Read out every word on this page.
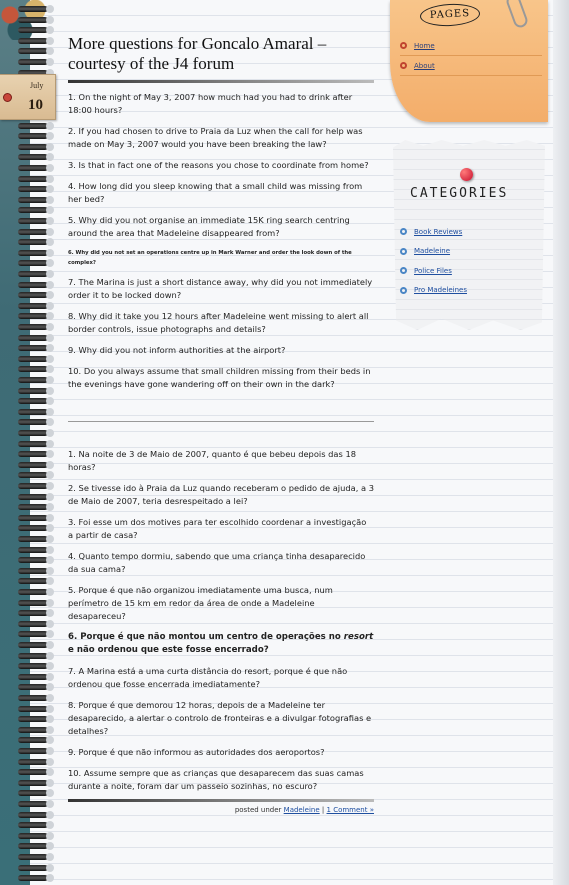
July
10
More questions for Goncalo Amaral – courtesy of the J4 forum

1. On the night of May 3, 2007 how much had you had to drink after 18:00 hours?

2. If you had chosen to drive to Praia da Luz when the call for help was made on May 3, 2007 would you have been breaking the law?

3. Is that in fact one of the reasons you chose to coordinate from home?

4. How long did you sleep knowing that a small child was missing from her bed?

5. Why did you not organise an immediate 15K ring search centring around the area that Madeleine disappeared from?

6. Why did you not set an operations centre up in Mark Warner and order the look down of the complex?

7. The Marina is just a short distance away, why did you not immediately order it to be locked down?

8. Why did it take you 12 hours after Madeleine went missing to alert all border controls, issue photographs and details?

9. Why did you not inform authorities at the airport?

10. Do you always assume that small children missing from their beds in the evenings have gone wandering off on their own in the dark?

1. Na noite de 3 de Maio de 2007, quanto é que bebeu depois das 18 horas?

2. Se tivesse ido à Praia da Luz quando receberam o pedido de ajuda, a 3 de Maio de 2007, teria desrespeitado a lei?

3. Foi esse um dos motives para ter escolhido coordenar a investigação a partir de casa?

4. Quanto tempo dormiu, sabendo que uma criança tinha desaparecido da sua cama?

5. Porque é que não organizou imediatamente uma busca, num perímetro de 15 km em redor da área de onde a Madeleine desapareceu?

6. Porque é que não montou um centro de operações no resort e não ordenou que este fosse encerrado?

7. A Marina está a uma curta distância do resort, porque é que não ordenou que fosse encerrada imediatamente?

8. Porque é que demorou 12 horas, depois de a Madeleine ter desaparecido, a alertar o controlo de fronteiras e a divulgar fotografias e detalhes?

9. Porque é que não informou as autoridades dos aeroportos?

10. Assume sempre que as crianças que desaparecem das suas camas durante a noite, foram dar um passeio sozinhas, no escuro?

posted under Madeleine | 1 Comment »
PAGES
Home
About
CATEGORIES
Book Reviews
Madeleine
Police Files
Pro Madeleines
